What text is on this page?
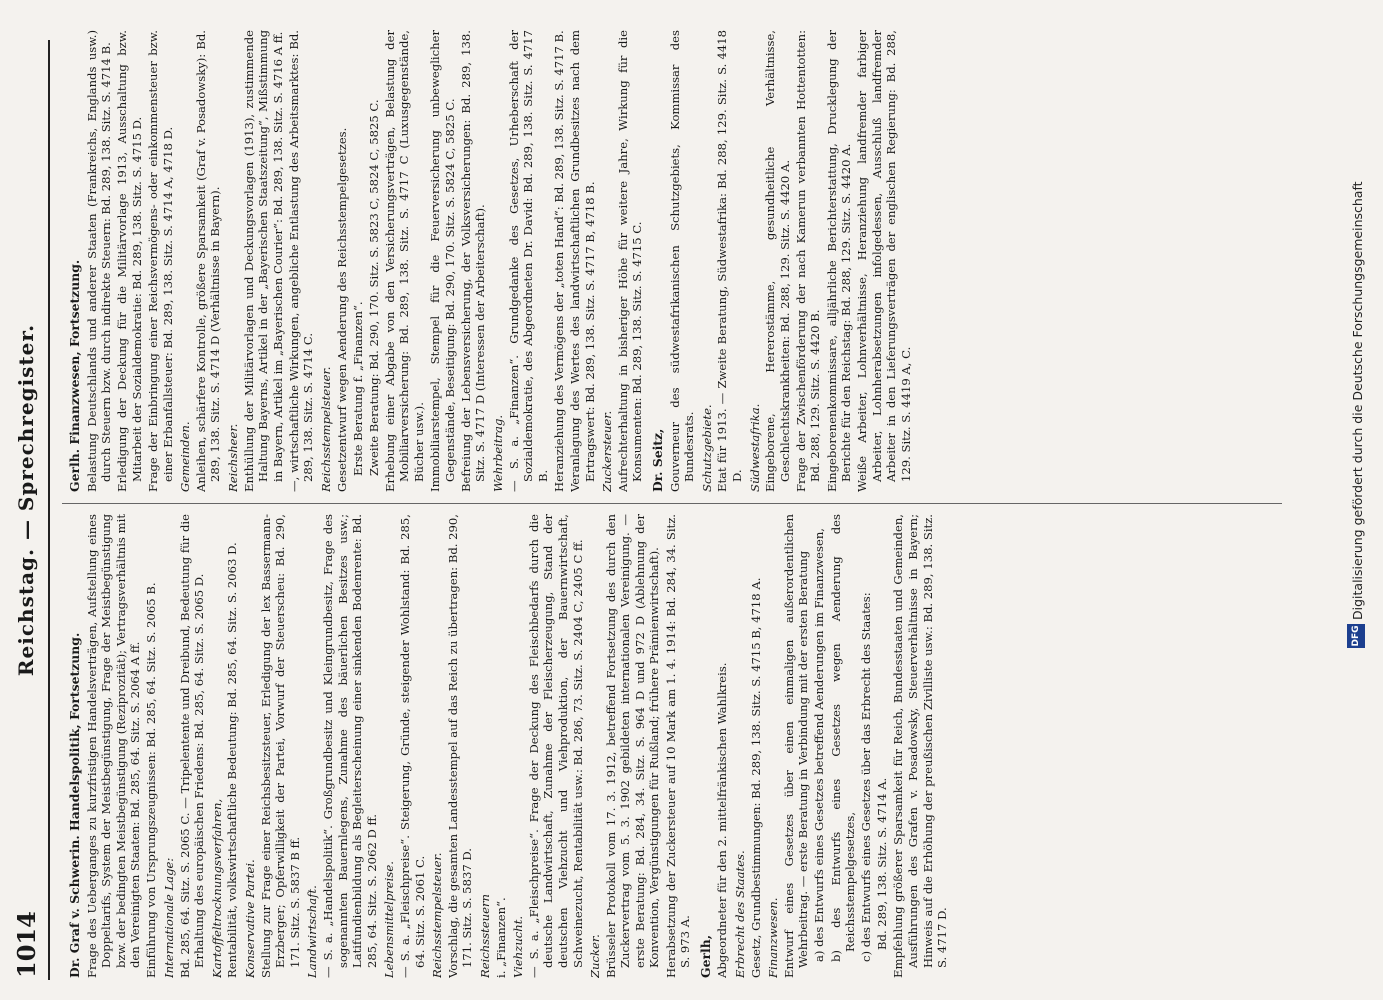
1014
Reichstag. — Sprechregister.
Dr. Graf v. Schwerin. Handelspolitik, Fortsetzung. Frage des Ueberganges zu kurzfristigen Handelsverträgen, Aufstellung eines Doppeltarifs, System der Meistbegünstigung, Frage der Meistbegünstigung bzw. der bedingten Meistbegünstigung (Reziprozität); Vertragsverhältnis mit den Vereinigten Staaten: Bd. 285, 64. Sitz. S. 2064 A ff. Einführung von Ursprungszeugnissen: Bd. 285, 64. Sitz. S. 2065 B. Internationale Lage: Bd. 285, 64. Sitz. S. 2065 C. — Tripelentente und Dreibund, Bedeutung für die Erhaltung des europäischen Friedens: Bd. 285, 64. Sitz. S. 2065 D. Kartoffeltrocknungsverfahren, Rentabilität, volkswirtschaftliche Bedeutung: Bd. 285, 64. Sitz. S. 2063 D. Konservative Partei. Stellung zur Frage einer Reichsbesitzsteuer, Erledigung der lex Bassermann-Erzberger; Opferwilligkeit der Partei, Vorwurf der Steuerscheu: Bd. 290, 171. Sitz. S. 5837 B ff. Landwirtschaft. — S. a. „Handelspolitik“. Großgrundbesitz und Kleingrundbesitz, Frage des sogenannten Bauernlegens, Zunahme des bäuerlichen Besitzes usw.; Latifundienbildung als Begleiterscheinung einer sinkenden Bodenrente: Bd. 285, 64. Sitz. S. 2062 D ff. Lebensmittelpreise. — S. a. „Fleischpreise“. Steigerung, Gründe, steigender Wohlstand: Bd. 285, 64. Sitz. S. 2061 C. Reichsstempelsteuer. Vorschlag, die gesamten Landesstempel auf das Reich zu übertragen: Bd. 290, 171. Sitz. S. 5837 D. Reichssteuern i. „Finanzen“. Viehzucht. — S. a. „Fleischpreise“. Frage der Deckung des Fleischbedarfs durch die deutsche Landwirtschaft, Zunahme der Fleischerzeugung, Stand der deutschen Viehzucht und Viehproduktion, der Bauernwirtschaft, Schweinezucht, Rentabilität usw.: Bd. 286, 73. Sitz. S. 2404 C, 2405 C ff. Zucker. Brüsseler Protokoll vom 17. 3. 1912, betreffend Fortsetzung des durch den Zuckervertrag vom 5. 3. 1902 gebildeten internationalen Vereinigung. — erste Beratung: Bd. 284, 34. Sitz. S. 964 D und 972 D (Ablehnung der Konvention, Vergünstigungen für Rußland; frühere Prämienwirtschaft). Herabsetzung der Zuckersteuer auf 10 Mark am 1. 4. 1914: Bd. 284, 34. Sitz. S. 973 A. Gerlh, Abgeordneter für den 2. mittelfränkischen Wahlkreis. Erbrecht des Staates. Gesetz, Grundbestimmungen: Bd. 289, 138. Sitz. S. 4715 B, 4718 A. Finanzwesen. Entwurf eines Gesetzes über einen einmaligen außerordentlichen Wehrbeitrag. — erste Beratung in Verbindung mit der ersten Beratung a) des Entwurfs eines Gesetzes betreffend Aenderungen im Finanzwesen, b) des Entwurfs eines Gesetzes wegen Aenderung des Reichsstempelgesetzes, c) des Entwurfs eines Gesetzes über das Erbrecht des Staates: Bd. 289, 138. Sitz. S. 4714 A. Empfehlung größerer Sparsamkeit für Reich, Bundesstaaten und Gemeinden, Ausführungen des Grafen v. Posadowsky, Steuerverhältnisse in Bayern; Hinweis auf die Erhöhung der preußischen Zivilliste usw.: Bd. 289, 138. Sitz. S. 4717 D.
Gerlh. Finanzwesen, Fortsetzung. Belastung Deutschlands und anderer Staaten (Frankreichs, Englands usw.) durch Steuern bzw. durch indirekte Steuern: Bd. 289, 138. Sitz. S. 4714 B. Erledigung der Deckung für die Militärvorlage 1913, Ausschaltung bzw. Mitarbeit der Sozialdemokratie: Bd. 289, 138. Sitz. S. 4715 D. Frage der Einbringung einer Reichsvermögens- oder einkommensteuer bzw. einer Erbanfallsteuer: Bd. 289, 138. Sitz. S. 4714 A, 4718 D. Gemeinden. Anleihen, schärfere Kontrolle, größere Sparsamkeit (Graf v. Posadowsky): Bd. 289, 138. Sitz. S. 4714 D (Verhältnisse in Bayern). Reichsheer. Enthüllung der Militärvorlagen und Deckungsvorlagen (1913), zustimmende Haltung Bayerns, Artikel in der „Bayerischen Staatszeitung“, Mißstimmung in Bayern, Artikel im „Bayerischen Courier“: Bd. 289, 138. Sitz. S. 4716 A ff. —, wirtschaftliche Wirkungen, angebliche Entlastung des Arbeitsmarktes: Bd. 289, 138. Sitz. S. 4714 C. Reichsstempelsteuer. Gesetzentwurf wegen Aenderung des Reichsstempelgesetzes. Erste Beratung f. „Finanzen“. Zweite Beratung: Bd. 290, 170. Sitz. S. 5823 C, 5824 C, 5825 C. Erhebung einer Abgabe von den Versicherungsverträgen, Belastung der Mobiliarversicherung: Bd. 289, 138. Sitz. S. 4717 C (Luxusgegenstände, Bücher usw.). Immobiliarstempel, Stempel für die Feuerversicherung unbeweglicher Gegenstände, Beseitigung: Bd. 290, 170. Sitz. S. 5824 C, 5825 C. Befreiung der Lebensversicherung, der Volksversicherungen: Bd. 289, 138. Sitz. S. 4717 D (Interessen der Arbeiterschaft). Wehrbeitrag. — S. a. „Finanzen“. Grundgedanke des Gesetzes, Urheberschaft der Sozialdemokratie, des Abgeordneten Dr. David: Bd. 289, 138. Sitz. S. 4717 B. Heranziehung des Vermögens der „toten Hand“: Bd. 289, 138. Sitz. S. 4717 B. Veranlagung des Wertes des landwirtschaftlichen Grundbesitzes nach dem Ertragswert: Bd. 289, 138. Sitz. S. 4717 B, 4718 B. Zuckersteuer. Aufrechterhaltung in bisheriger Höhe für weitere Jahre, Wirkung für die Konsumenten: Bd. 289, 138. Sitz. S. 4715 C. Dr. Seitz, Gouverneur des südwestafrikanischen Schutzgebiets, Kommissar des Bundesrats. Schutzgebiete. Etat für 1913. — Zweite Beratung, Südwestafrika: Bd. 288, 129. Sitz. S. 4418 D. Südwestafrika. Eingeborene, Hererostämme, gesundheitliche Verhältnisse, Geschlechtskrankheiten: Bd. 288, 129. Sitz. S. 4420 A. Frage der Zwischenförderung der nach Kamerun verbannten Hottentotten: Bd. 288, 129. Sitz. S. 4420 B. Eingeborenenkommissare, alljährliche Berichterstattung, Drucklegung der Berichte für den Reichstag: Bd. 288, 129. Sitz. S. 4420 A. Weiße Arbeiter, Lohnverhältnisse, Heranziehung landfremder farbiger Arbeiter, Lohnherabsetzungen infolgedessen, Ausschluß landfremder Arbeiter in den Lieferungsverträgen der englischen Regierung: Bd. 288, 129. Sitz. S. 4419 A, C.
DFG
Digitalisierung gefördert durch die Deutsche Forschungsgemeinschaft
